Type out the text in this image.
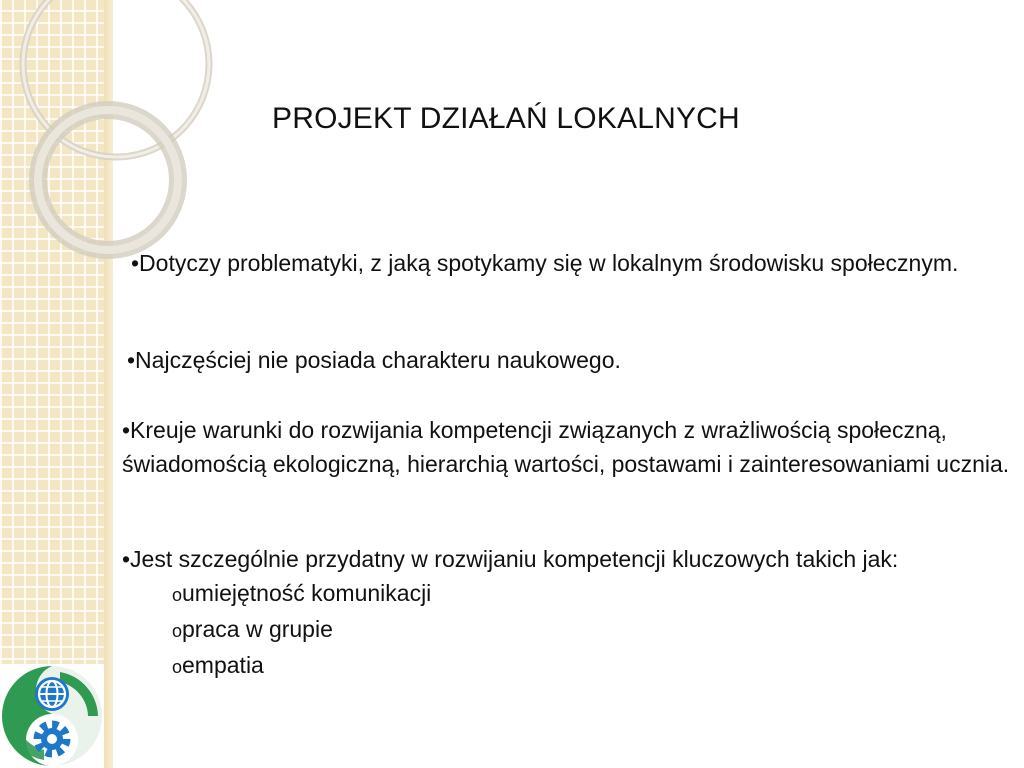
PROJEKT DZIAŁAŃ LOKALNYCH

•Dotyczy problematyki, z jaką spotykamy się w lokalnym środowisku społecznym.

•Najczęściej nie posiada charakteru naukowego.

•Kreuje warunki do rozwijania kompetencji związanych z wrażliwością społeczną, świadomością ekologiczną, hierarchią wartości, postawami i zainteresowaniami ucznia.

•Jest szczególnie przydatny w rozwijaniu kompetencji kluczowych takich jak:
oumiejętność komunikacji
opraca w grupie
oempatia
